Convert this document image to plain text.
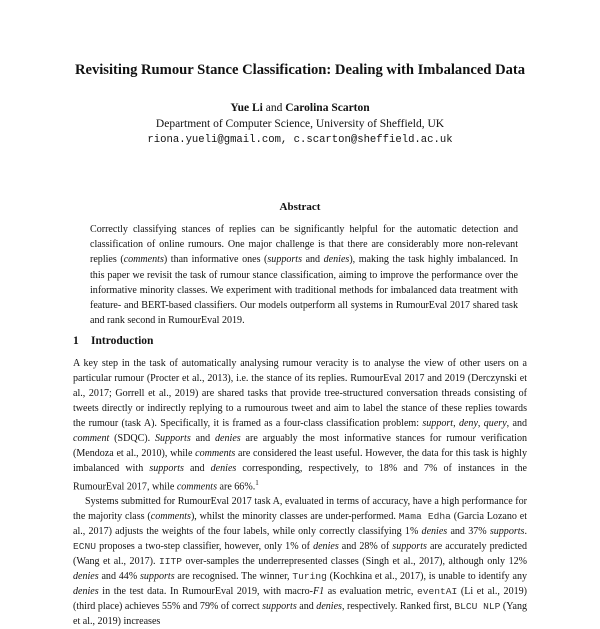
Revisiting Rumour Stance Classification: Dealing with Imbalanced Data
Yue Li and Carolina Scarton
Department of Computer Science, University of Sheffield, UK
riona.yueli@gmail.com, c.scarton@sheffield.ac.uk
Abstract
Correctly classifying stances of replies can be significantly helpful for the automatic detection and classification of online rumours. One major challenge is that there are considerably more non-relevant replies (comments) than informative ones (supports and denies), making the task highly imbalanced. In this paper we revisit the task of rumour stance classification, aiming to improve the performance over the informative minority classes. We experiment with traditional methods for imbalanced data treatment with feature- and BERT-based classifiers. Our models outperform all systems in RumourEval 2017 shared task and rank second in RumourEval 2019.
1 Introduction

A key step in the task of automatically analysing rumour veracity is to analyse the view of other users on a particular rumour (Procter et al., 2013), i.e. the stance of its replies. RumourEval 2017 and 2019 (Derczynski et al., 2017; Gorrell et al., 2019) are shared tasks that provide tree-structured conversation threads consisting of tweets directly or indirectly replying to a rumourous tweet and aim to label the stance of these replies towards the rumour (task A). Specifically, it is framed as a four-class classification problem: support, deny, query, and comment (SDQC). Supports and denies are arguably the most informative stances for rumour verification (Mendoza et al., 2010), while comments are considered the least useful. However, the data for this task is highly imbalanced with supports and denies corresponding, respectively, to 18% and 7% of instances in the RumourEval 2017, while comments are 66%.$^1$

Systems submitted for RumourEval 2017 task A, evaluated in terms of accuracy, have a high performance for the majority class (comments), whilst the minority classes are under-performed. Mama Edha (Garcia Lozano et al., 2017) adjusts the weights of the four labels, while only correctly classifying 1% denies and 37% supports. ECNU proposes a two-step classifier, however, only 1% of denies and 28% of supports are accurately predicted (Wang et al., 2017). IITP over-samples the underrepresented classes (Singh et al., 2017), although only 12% denies and 44% supports are recognised. The winner, Turing (Kochkina et al., 2017), is unable to identify any denies in the test data. In RumourEval 2019, with macro-F1 as evaluation metric, eventAI (Li et al., 2019) (third place) achieves 55% and 79% of correct supports and denies, respectively. Ranked first, BLCU NLP (Yang et al., 2019) increases
